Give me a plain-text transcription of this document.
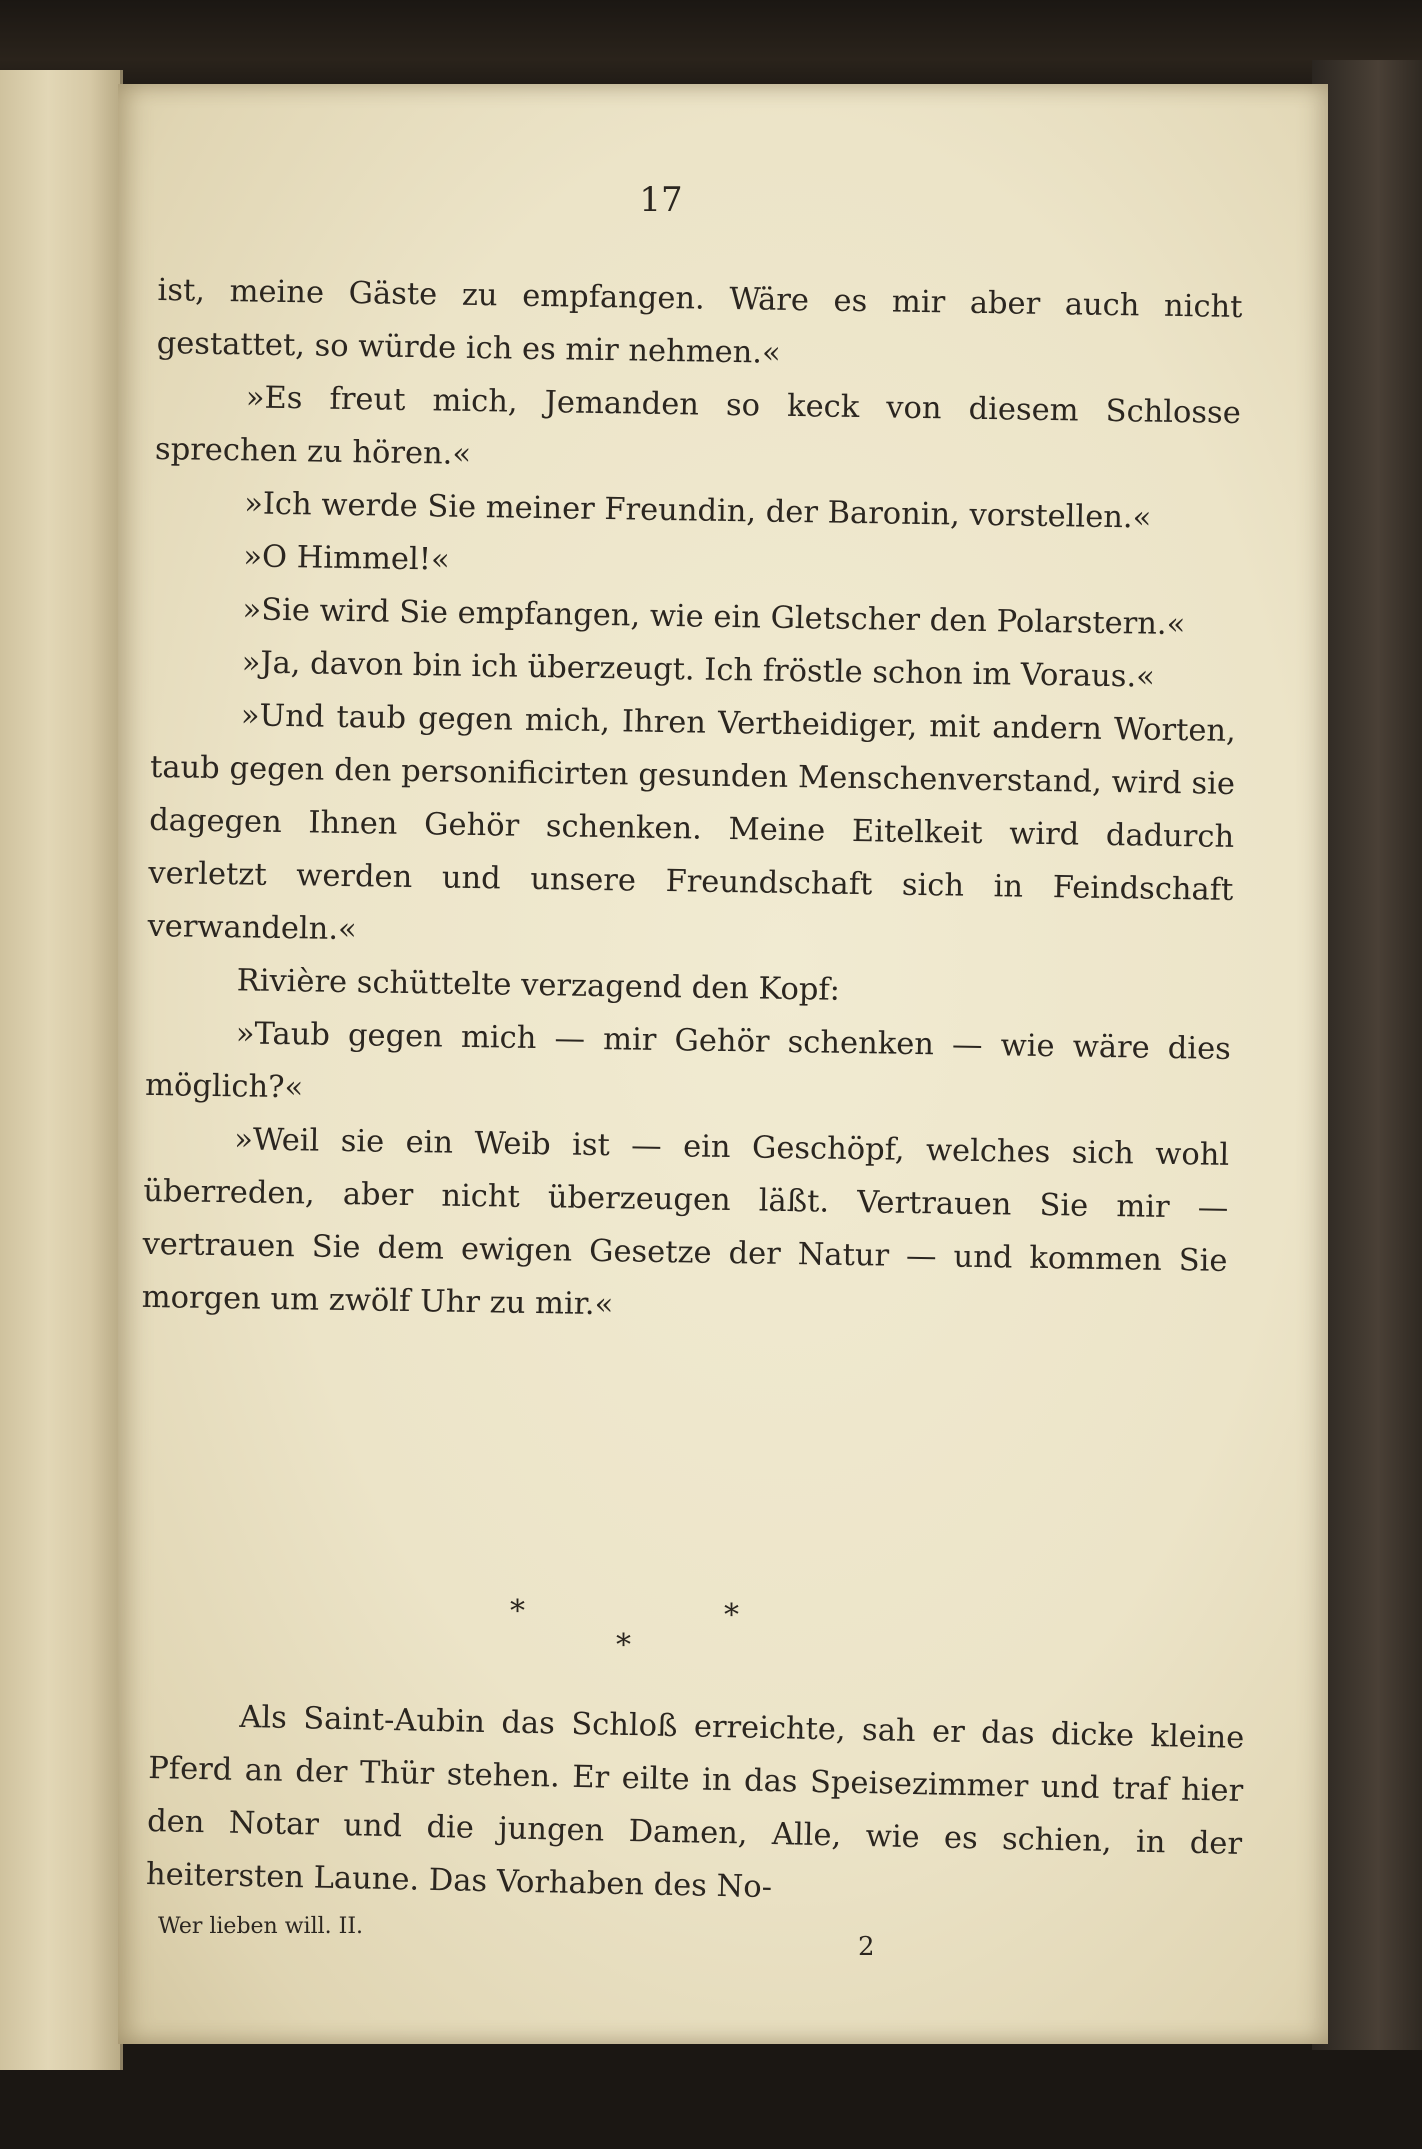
17

ist, meine Gäste zu empfangen. Wäre es mir aber auch nicht gestattet, so würde ich es mir nehmen.«

»Es freut mich, Jemanden so keck von diesem Schlosse sprechen zu hören.«

»Ich werde Sie meiner Freundin, der Baronin, vorstellen.«

»O Himmel!«

»Sie wird Sie empfangen, wie ein Gletscher den Polarstern.«

»Ja, davon bin ich überzeugt. Ich fröstle schon im Voraus.«

»Und taub gegen mich, Ihren Vertheidiger, mit andern Worten, taub gegen den personificirten gesunden Menschenverstand, wird sie dagegen Ihnen Gehör schenken. Meine Eitelkeit wird dadurch verletzt werden und unsere Freundschaft sich in Feindschaft verwandeln.«

Rivière schüttelte verzagend den Kopf:

»Taub gegen mich — mir Gehör schenken — wie wäre dies möglich?«

»Weil sie ein Weib ist — ein Geschöpf, welches sich wohl überreden, aber nicht überzeugen läßt. Vertrauen Sie mir — vertrauen Sie dem ewigen Gesetze der Natur — und kommen Sie morgen um zwölf Uhr zu mir.«

*	*
*

Als Saint-Aubin das Schloß erreichte, sah er das dicke kleine Pferd an der Thür stehen. Er eilte in das Speisezimmer und traf hier den Notar und die jungen Damen, Alle, wie es schien, in der heitersten Laune. Das Vorhaben des No-

Wer lieben will. II.
2
